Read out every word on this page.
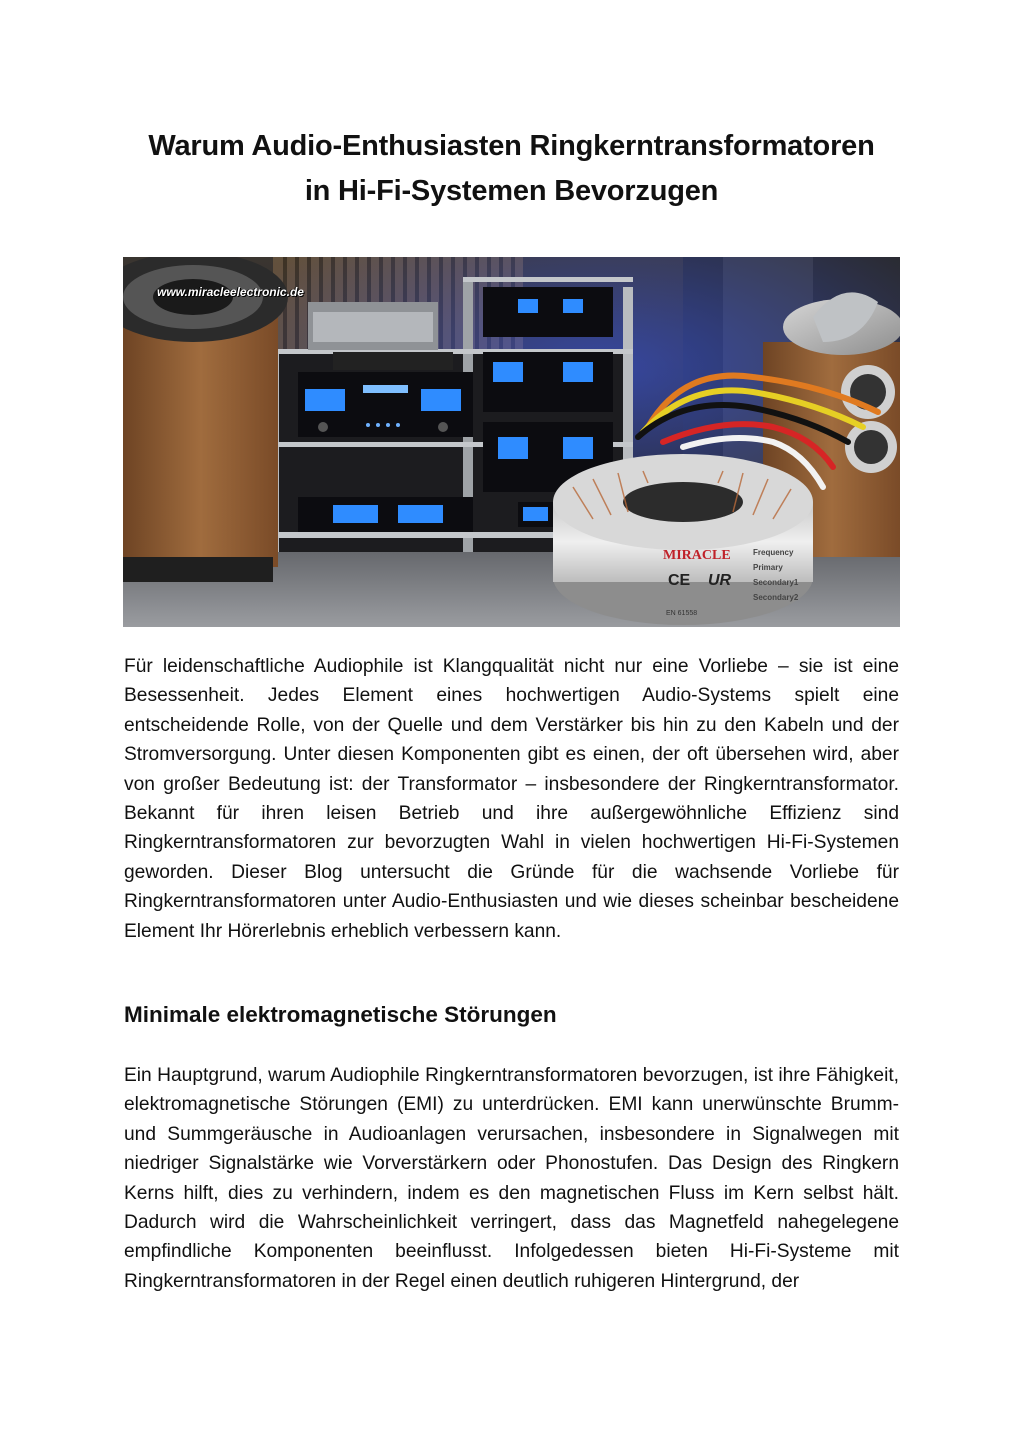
Warum Audio-Enthusiasten Ringkerntransformatoren
in Hi-Fi-Systemen Bevorzugen
MIRACLE
CE UR
EN 61558
Frequency
Primary
Secondary1
Secondary2
www.miracleelectronic.de

Für leidenschaftliche Audiophile ist Klangqualität nicht nur eine Vorliebe – sie ist eine Besessenheit. Jedes Element eines hochwertigen Audio-Systems spielt eine entscheidende Rolle, von der Quelle und dem Verstärker bis hin zu den Kabeln und der Stromversorgung. Unter diesen Komponenten gibt es einen, der oft übersehen wird, aber von großer Bedeutung ist: der Transformator – insbesondere der Ringkerntransformator. Bekannt für ihren leisen Betrieb und ihre außergewöhnliche Effizienz sind Ringkerntransformatoren zur bevorzugten Wahl in vielen hochwertigen Hi-Fi-Systemen geworden. Dieser Blog untersucht die Gründe für die wachsende Vorliebe für Ringkerntransformatoren unter Audio-Enthusiasten und wie dieses scheinbar bescheidene Element Ihr Hörerlebnis erheblich verbessern kann.

Minimale elektromagnetische Störungen

Ein Hauptgrund, warum Audiophile Ringkerntransformatoren bevorzugen, ist ihre Fähigkeit, elektromagnetische Störungen (EMI) zu unterdrücken. EMI kann unerwünschte Brumm- und Summgeräusche in Audioanlagen verursachen, insbesondere in Signalwegen mit niedriger Signalstärke wie Vorverstärkern oder Phonostufen. Das Design des Ringkern Kerns hilft, dies zu verhindern, indem es den magnetischen Fluss im Kern selbst hält. Dadurch wird die Wahrscheinlichkeit verringert, dass das Magnetfeld nahegelegene empfindliche Komponenten beeinflusst. Infolgedessen bieten Hi-Fi-Systeme mit Ringkerntransformatoren in der Regel einen deutlich ruhigeren Hintergrund, der
